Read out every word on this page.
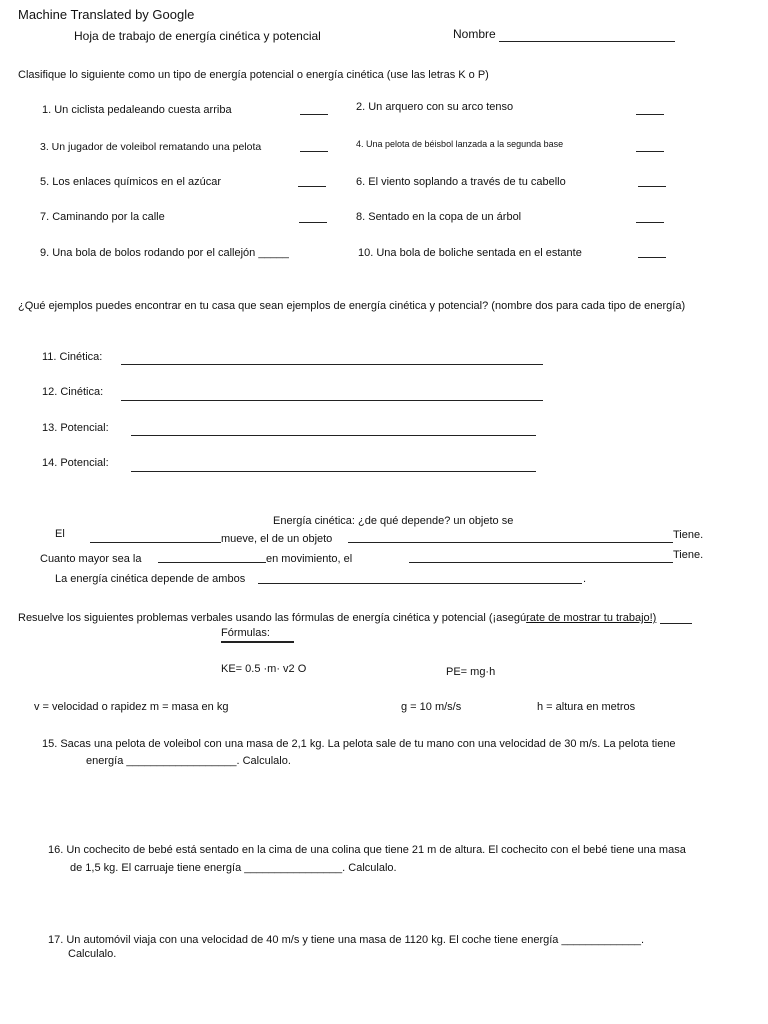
Machine Translated by Google
Hoja de trabajo de energía cinética y potencial	Nombre
Clasifique lo siguiente como un tipo de energía potencial o energía cinética (use las letras K o P)
1. Un ciclista pedaleando cuesta arriba	2. Un arquero con su arco tenso
3. Un jugador de voleibol rematando una pelota	4. Una pelota de béisbol lanzada a la segunda base
5. Los enlaces químicos en el azúcar	6. El viento soplando a través de tu cabello
7. Caminando por la calle	8. Sentado en la copa de un árbol
9. Una bola de bolos rodando por el callejón _____	10. Una bola de boliche sentada en el estante
¿Qué ejemplos puedes encontrar en tu casa que sean ejemplos de energía cinética y potencial? (nombre dos para cada tipo de energía)
11. Cinética:
12. Cinética:
13. Potencial:
14. Potencial:
Energía cinética: ¿de qué depende? un objeto se
El	mueve, el de un objeto	Tiene.
Cuanto mayor sea la	en movimiento, el	Tiene.
La energía cinética depende de ambos	.
Resuelve los siguientes problemas verbales usando las fórmulas de energía cinética y potencial (¡asegúrate de mostrar tu trabajo!)
Fórmulas:
KE= 0.5 ·m· v2 O	PE= mg·h
v = velocidad o rapidez m = masa en kg	g = 10 m/s/s	h = altura en metros
15. Sacas una pelota de voleibol con una masa de 2,1 kg. La pelota sale de tu mano con una velocidad de 30 m/s. La pelota tiene
energía __________________. Calculalo.
16. Un cochecito de bebé está sentado en la cima de una colina que tiene 21 m de altura. El cochecito con el bebé tiene una masa
de 1,5 kg. El carruaje tiene energía ________________. Calculalo.
17. Un automóvil viaja con una velocidad de 40 m/s y tiene una masa de 1120 kg. El coche tiene energía _____________.
Calculalo.
